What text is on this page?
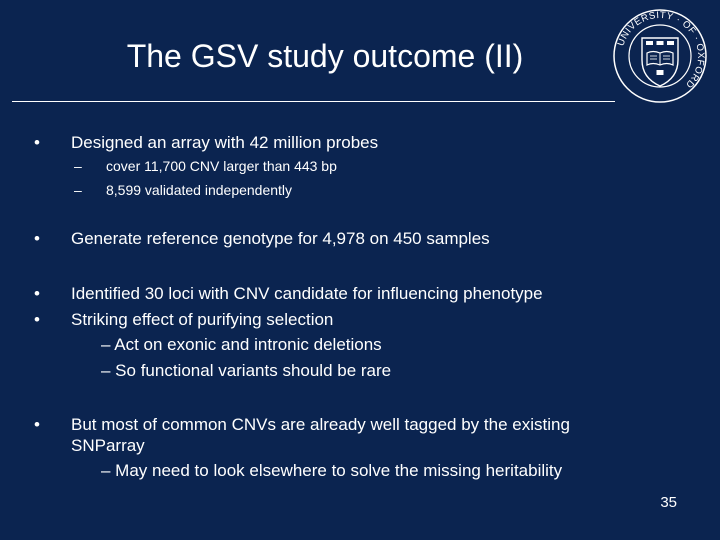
The GSV study outcome (II)	UNIVERSITY · OF · OXFORD
• Designed an array with 42 million probes
– cover 11,700 CNV larger than 443 bp
– 8,599 validated independently
• Generate reference genotype for 4,978 on 450 samples
• Identified 30 loci with CNV candidate for influencing phenotype
• Striking effect of purifying selection
– Act on exonic and intronic deletions
– So functional variants should be rare
• But most of common CNVs are already well tagged by the existing
SNParray
– May need to look elsewhere to solve the missing heritability
35
